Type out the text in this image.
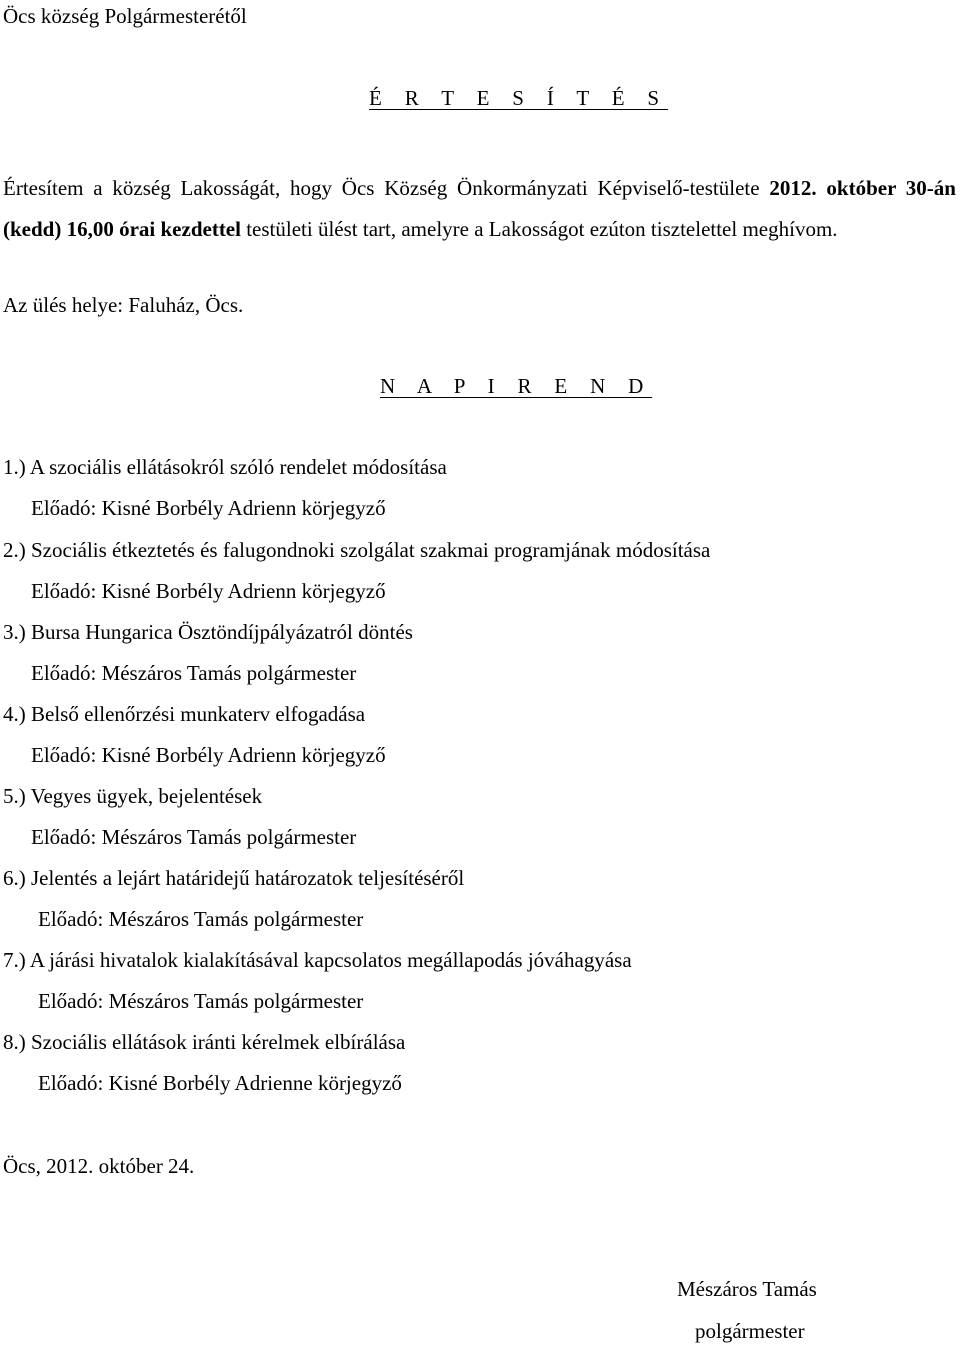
Öcs község Polgármesterétől
É R T E S Í T É S

Értesítem a község Lakosságát, hogy Öcs Község Önkormányzati Képviselő-testülete 2012. október 30-án (kedd) 16,00 órai kezdettel testületi ülést tart, amelyre a Lakosságot ezúton tisztelettel meghívom.

Az ülés helye: Faluház, Öcs.
N A P I R E N D
1.) A szociális ellátásokról szóló rendelet módosítása
Előadó: Kisné Borbély Adrienn körjegyző
2.) Szociális étkeztetés és falugondnoki szolgálat szakmai programjának módosítása
Előadó: Kisné Borbély Adrienn körjegyző
3.) Bursa Hungarica Ösztöndíjpályázatról döntés
Előadó: Mészáros Tamás polgármester
4.) Belső ellenőrzési munkaterv elfogadása
Előadó: Kisné Borbély Adrienn körjegyző
5.) Vegyes ügyek, bejelentések
Előadó: Mészáros Tamás polgármester
6.) Jelentés a lejárt határidejű határozatok teljesítéséről
Előadó: Mészáros Tamás polgármester
7.) A járási hivatalok kialakításával kapcsolatos megállapodás jóváhagyása
Előadó: Mészáros Tamás polgármester
8.) Szociális ellátások iránti kérelmek elbírálása
Előadó: Kisné Borbély Adrienne körjegyző
Öcs, 2012. október 24.
Mészáros Tamás
polgármester
